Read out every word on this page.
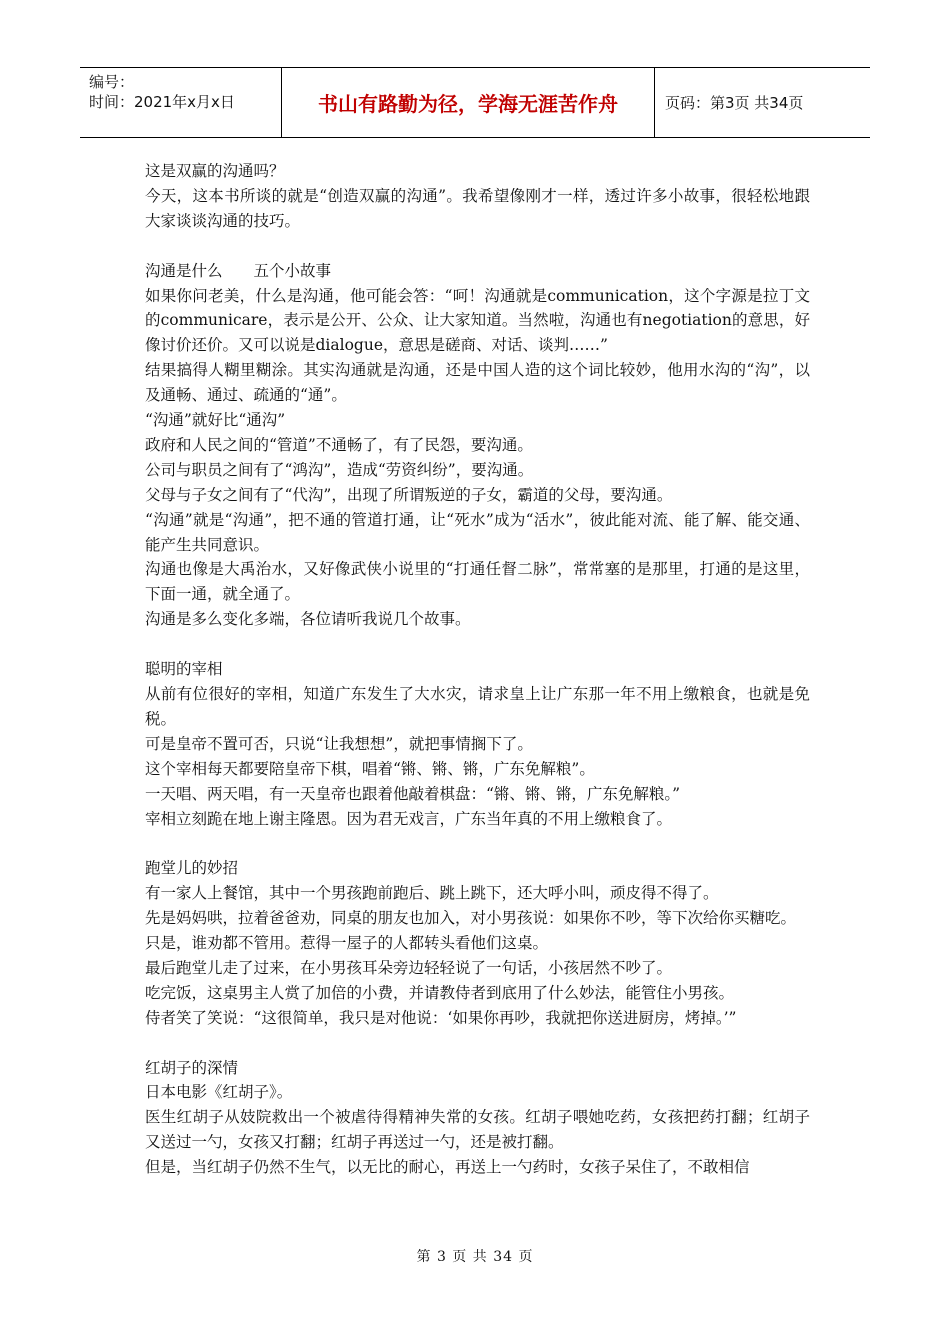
编号：
时间：2021年x月x日	书山有路勤为径，学海无涯苦作舟	页码：第3页 共34页

这是双赢的沟通吗？

今天，这本书所谈的就是“创造双赢的沟通”。我希望像刚才一样，透过许多小故事，很轻松地跟大家谈谈沟通的技巧。

沟通是什么　　五个小故事

如果你问老美，什么是沟通，他可能会答：“呵！沟通就是communication，这个字源是拉丁文的communicare，表示是公开、公众、让大家知道。当然啦，沟通也有negotiation的意思，好像讨价还价。又可以说是dialogue，意思是磋商、对话、谈判……”

结果搞得人糊里糊涂。其实沟通就是沟通，还是中国人造的这个词比较妙，他用水沟的“沟”，以及通畅、通过、疏通的“通”。

“沟通”就好比“通沟”

政府和人民之间的“管道”不通畅了，有了民怨，要沟通。

公司与职员之间有了“鸿沟”，造成“劳资纠纷”，要沟通。

父母与子女之间有了“代沟”，出现了所谓叛逆的子女，霸道的父母，要沟通。

“沟通”就是“沟通”，把不通的管道打通，让“死水”成为“活水”，彼此能对流、能了解、能交通、能产生共同意识。

沟通也像是大禹治水，又好像武侠小说里的“打通任督二脉”，常常塞的是那里，打通的是这里，下面一通，就全通了。

沟通是多么变化多端，各位请听我说几个故事。

聪明的宰相

从前有位很好的宰相，知道广东发生了大水灾，请求皇上让广东那一年不用上缴粮食，也就是免税。

可是皇帝不置可否，只说“让我想想”，就把事情搁下了。

这个宰相每天都要陪皇帝下棋，唱着“锵、锵、锵，广东免解粮”。

一天唱、两天唱，有一天皇帝也跟着他敲着棋盘：“锵、锵、锵，广东免解粮。”

宰相立刻跪在地上谢主隆恩。因为君无戏言，广东当年真的不用上缴粮食了。

跑堂儿的妙招

有一家人上餐馆，其中一个男孩跑前跑后、跳上跳下，还大呼小叫，顽皮得不得了。

先是妈妈哄，拉着爸爸劝，同桌的朋友也加入，对小男孩说：如果你不吵，等下次给你买糖吃。

只是，谁劝都不管用。惹得一屋子的人都转头看他们这桌。

最后跑堂儿走了过来，在小男孩耳朵旁边轻轻说了一句话，小孩居然不吵了。

吃完饭，这桌男主人赏了加倍的小费，并请教侍者到底用了什么妙法，能管住小男孩。

侍者笑了笑说：“这很简单，我只是对他说：‘如果你再吵，我就把你送进厨房，烤掉。’”

红胡子的深情

日本电影《红胡子》。

医生红胡子从妓院救出一个被虐待得精神失常的女孩。红胡子喂她吃药，女孩把药打翻；红胡子又送过一勺，女孩又打翻；红胡子再送过一勺，还是被打翻。

但是，当红胡子仍然不生气，以无比的耐心，再送上一勺药时，女孩子呆住了，不敢相信

第 3 页 共 34 页
